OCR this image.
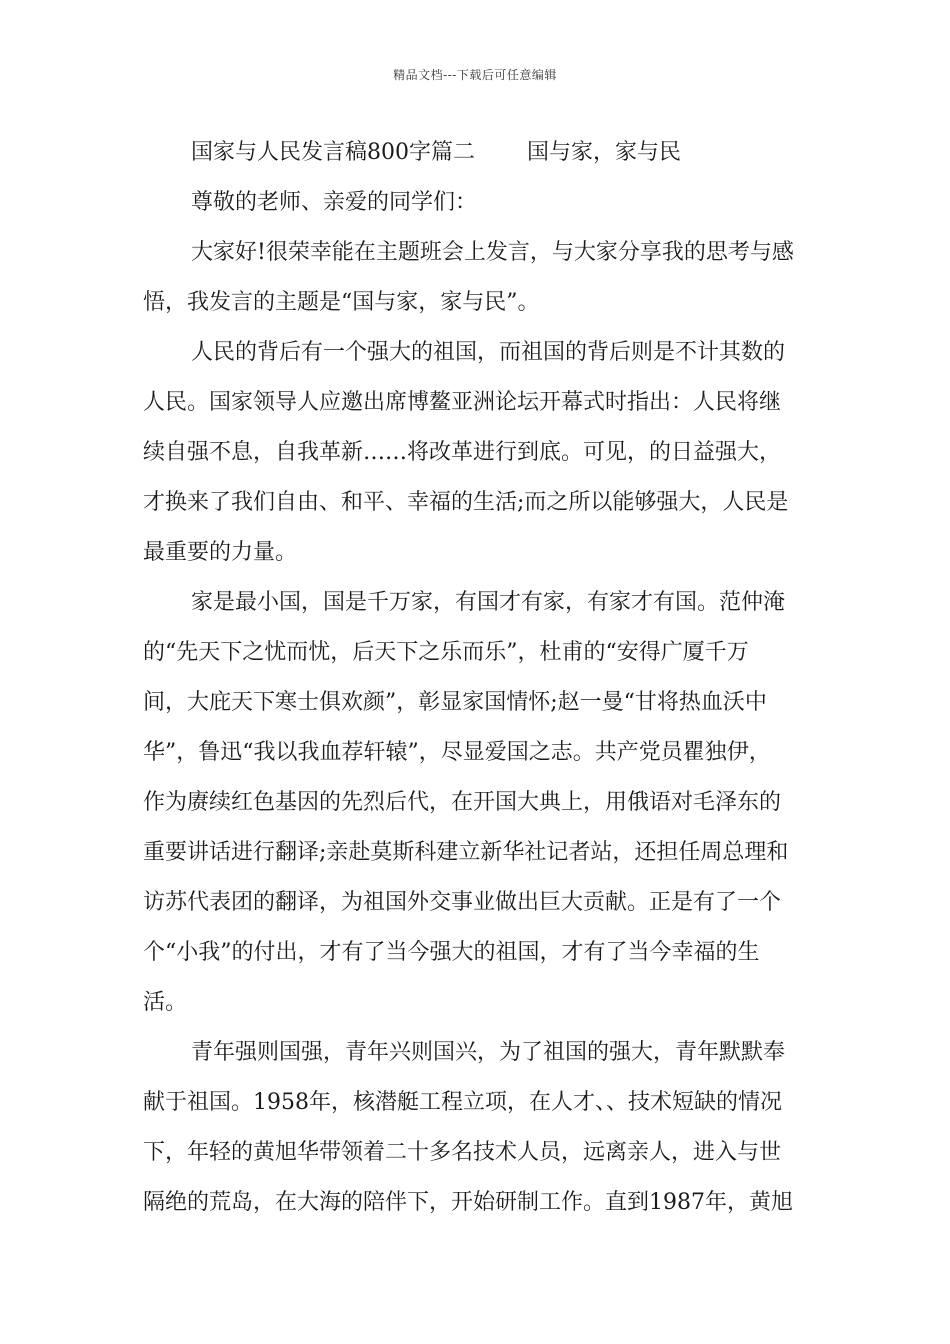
精品文档---下载后可任意编辑
国家与人民发言稿800字篇二 国与家，家与民
尊敬的老师、亲爱的同学们：
大家好!很荣幸能在主题班会上发言，与大家分享我的思考与感
悟，我发言的主题是“国与家，家与民”。
人民的背后有一个强大的祖国，而祖国的背后则是不计其数的
人民。国家领导人应邀出席博鳌亚洲论坛开幕式时指出：人民将继
续自强不息，自我革新……将改革进行到底。可见，的日益强大，
才换来了我们自由、和平、幸福的生活;而之所以能够强大，人民是
最重要的力量。
家是最小国，国是千万家，有国才有家，有家才有国。范仲淹
的“先天下之忧而忧，后天下之乐而乐”，杜甫的“安得广厦千万
间，大庇天下寒士俱欢颜”，彰显家国情怀;赵一曼“甘将热血沃中
华”，鲁迅“我以我血荐轩辕”，尽显爱国之志。共产党员瞿独伊，
作为赓续红色基因的先烈后代，在开国大典上，用俄语对毛泽东的
重要讲话进行翻译;亲赴莫斯科建立新华社记者站，还担任周总理和
访苏代表团的翻译，为祖国外交事业做出巨大贡献。正是有了一个
个“小我”的付出，才有了当今强大的祖国，才有了当今幸福的生
活。
青年强则国强，青年兴则国兴，为了祖国的强大，青年默默奉
献于祖国。1958年，核潜艇工程立项，在人才、、技术短缺的情况
下，年轻的黄旭华带领着二十多名技术人员，远离亲人，进入与世
隔绝的荒岛，在大海的陪伴下，开始研制工作。直到1987年，黄旭
